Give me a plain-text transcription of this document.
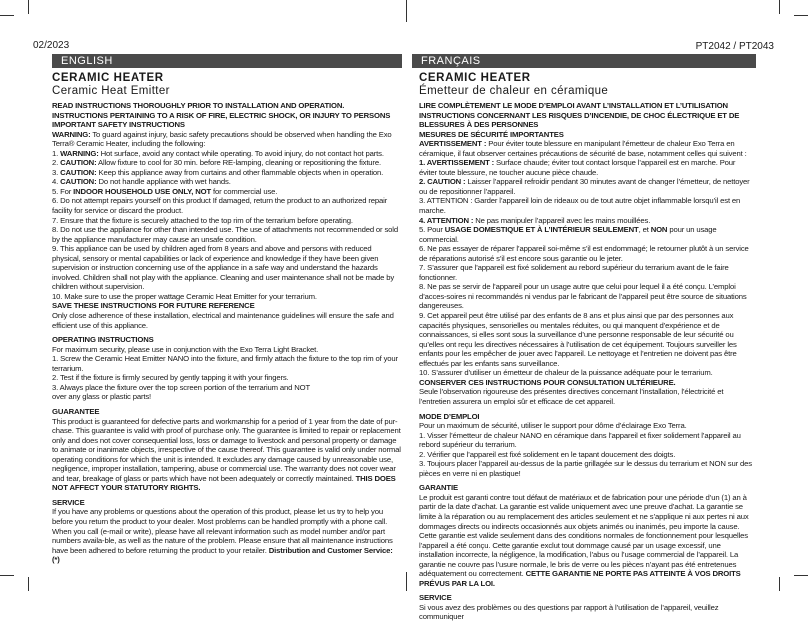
02/2023	PT2042 / PT2043
ENGLISH	FRANÇAIS
CERAMIC HEATER
Ceramic Heat Emitter

READ INSTRUCTIONS THOROUGHLY PRIOR TO INSTALLATION AND OPERATION.

INSTRUCTIONS PERTAINING TO A RISK OF FIRE, ELECTRIC SHOCK, OR INJURY TO PERSONS

IMPORTANT SAFETY INSTRUCTIONS

WARNING: To guard against injury, basic safety precautions should be observed when handling the Exo Terra® Ceramic Heater, including the following:

1. WARNING: Hot surface, avoid any contact while operating. To avoid injury, do not contact hot parts.

2. CAUTION: Allow fixture to cool for 30 min. before RE-lamping, cleaning or repositioning the fixture.

3. CAUTION: Keep this appliance away from curtains and other flammable objects when in operation.

4. CAUTION: Do not handle appliance with wet hands.

5. For INDOOR HOUSEHOLD USE ONLY, NOT for commercial use.

6. Do not attempt repairs yourself on this product If damaged, return the product to an authorized repair facility for service or discard the product.

7. Ensure that the fixture is securely attached to the top rim of the terrarium before operating.

8. Do not use the appliance for other than intended use. The use of attachments not recommended or sold by the appliance manufacturer may cause an unsafe condition.

9. This appliance can be used by children aged from 8 years and above and persons with reduced physical, sensory or mental capabilities or lack of experience and knowledge if they have been given supervision or instruction concerning use of the appliance in a safe way and understand the hazards involved. Children shall not play with the appliance. Cleaning and user maintenance shall not be made by children without supervision.

10. Make sure to use the proper wattage Ceramic Heat Emitter for your terrarium.

SAVE THESE INSTRUCTIONS FOR FUTURE REFERENCE

Only close adherence of these installation, electrical and maintenance guidelines will ensure the safe and efficient use of this appliance.

OPERATING INSTRUCTIONS

For maximum security, please use in conjunction with the Exo Terra Light Bracket.

1. Screw the Ceramic Heat Emitter NANO into the fixture, and firmly attach the fixture to the top rim of your terrarium.

2. Test if the fixture is firmly secured by gently tapping it with your fingers.

3. Always place the fixture over the top screen portion of the terrarium and NOT

over any glass or plastic parts!

GUARANTEE

This product is guaranteed for defective parts and workmanship for a period of 1 year from the date of pur-chase. This guarantee is valid with proof of purchase only. The guarantee is limited to repair or replacement only and does not cover consequential loss, loss or damage to livestock and personal property or damage to animate or inanimate objects, irrespective of the cause thereof. This guarantee is valid only under normal operating conditions for which the unit is intended. It excludes any damage caused by unreasonable use, negligence, improper installation, tampering, abuse or commercial use. The warranty does not cover wear and tear, breakage of glass or parts which have not been adequately or correctly maintained. THIS DOES NOT AFFECT YOUR STATUTORY RIGHTS.

SERVICE

If you have any problems or questions about the operation of this product, please let us try to help you before you return the product to your dealer. Most problems can be handled promptly with a phone call. When you call (e-mail or write), please have all relevant information such as model number and/or part numbers availa-ble, as well as the nature of the problem. Please ensure that all maintenance instructions have been adhered to before returning the product to your retailer. Distribution and Customer Service: (*)

CERAMIC HEATER
Émetteur de chaleur en céramique

LIRE COMPLÈTEMENT LE MODE D’EMPLOI AVANT L’INSTALLATION ET L’UTILISATION

INSTRUCTIONS CONCERNANT LES RISQUES D’INCENDIE, DE CHOC ÉLECTRIQUE ET DE BLESSURES À DES PERSONNES

MESURES DE SÉCURITÉ IMPORTANTES

AVERTISSEMENT : Pour éviter toute blessure en manipulant l’émetteur de chaleur Exo Terra en céramique, il faut observer certaines précautions de sécurité de base, notamment celles qui suivent :

1. AVERTISSEMENT : Surface chaude; éviter tout contact lorsque l’appareil est en marche. Pour éviter toute blessure, ne toucher aucune pièce chaude.

2. CAUTION : Laisser l’appareil refroidir pendant 30 minutes avant de changer l’émetteur, de nettoyer ou de repositionner l’appareil.

3. ATTENTION : Garder l’appareil loin de rideaux ou de tout autre objet inflammable lorsqu’il est en marche.

4. ATTENTION : Ne pas manipuler l’appareil avec les mains mouillées.

5. Pour USAGE DOMESTIQUE ET À L’INTÉRIEUR SEULEMENT, et NON pour un usage commercial.

6. Ne pas essayer de réparer l’appareil soi-même s’il est endommagé; le retourner plutôt à un service de réparations autorisé s’il est encore sous garantie ou le jeter.

7. S’assurer que l’appareil est fixé solidement au rebord supérieur du terrarium avant de le faire fonctionner.

8. Ne pas se servir de l’appareil pour un usage autre que celui pour lequel il a été conçu. L’emploi d’acces-soires ni recommandés ni vendus par le fabricant de l’appareil peut être source de situations dangereuses.

9. Cet appareil peut être utilisé par des enfants de 8 ans et plus ainsi que par des personnes aux capacités physiques, sensorielles ou mentales réduites, ou qui manquent d’expérience et de connaissances, si elles sont sous la surveillance d’une personne responsable de leur sécurité ou qu’elles ont reçu les directives nécessaires à l’utilisation de cet équipement. Toujours surveiller les enfants pour les empêcher de jouer avec l’appareil. Le nettoyage et l’entretien ne doivent pas être effectués par les enfants sans surveillance.

10. S’assurer d’utiliser un émetteur de chaleur de la puissance adéquate pour le terrarium.

CONSERVER CES INSTRUCTIONS POUR CONSULTATION ULTÉRIEURE.

Seule l’observation rigoureuse des présentes directives concernant l’installation, l’électricité et l’entretien assurera un emploi sûr et efficace de cet appareil.

MODE D’EMPLOI

Pour un maximum de sécurité, utiliser le support pour dôme d’éclairage Exo Terra.

1. Visser l’émetteur de chaleur NANO en céramique dans l’appareil et fixer solidement l’appareil au rebord supérieur du terrarium.

2. Vérifier que l’appareil est fixé solidement en le tapant doucement des doigts.

3. Toujours placer l’appareil au-dessus de la partie grillagée sur le dessus du terrarium et NON sur des pièces en verre ni en plastique!

GARANTIE

Le produit est garanti contre tout défaut de matériaux et de fabrication pour une période d’un (1) an à partir de la date d’achat. La garantie est valide uniquement avec une preuve d’achat. La garantie se limite à la réparation ou au remplacement des articles seulement et ne s’applique ni aux pertes ni aux dommages directs ou indirects occasionnés aux objets animés ou inanimés, peu importe la cause. Cette garantie est valide seulement dans des conditions normales de fonctionnement pour lesquelles l’appareil a été conçu. Cette garantie exclut tout dommage causé par un usage excessif, une installation incorrecte, la négligence, la modification, l’abus ou l’usage commercial de l’appareil. La garantie ne couvre pas l’usure normale, le bris de verre ou les pièces n’ayant pas été entretenues adéquatement ou correctement. CETTE GARANTIE NE PORTE PAS ATTEINTE À VOS DROITS PRÉVUS PAR LA LOI.

SERVICE

Si vous avez des problèmes ou des questions par rapport à l’utilisation de l’appareil, veuillez communiquer
